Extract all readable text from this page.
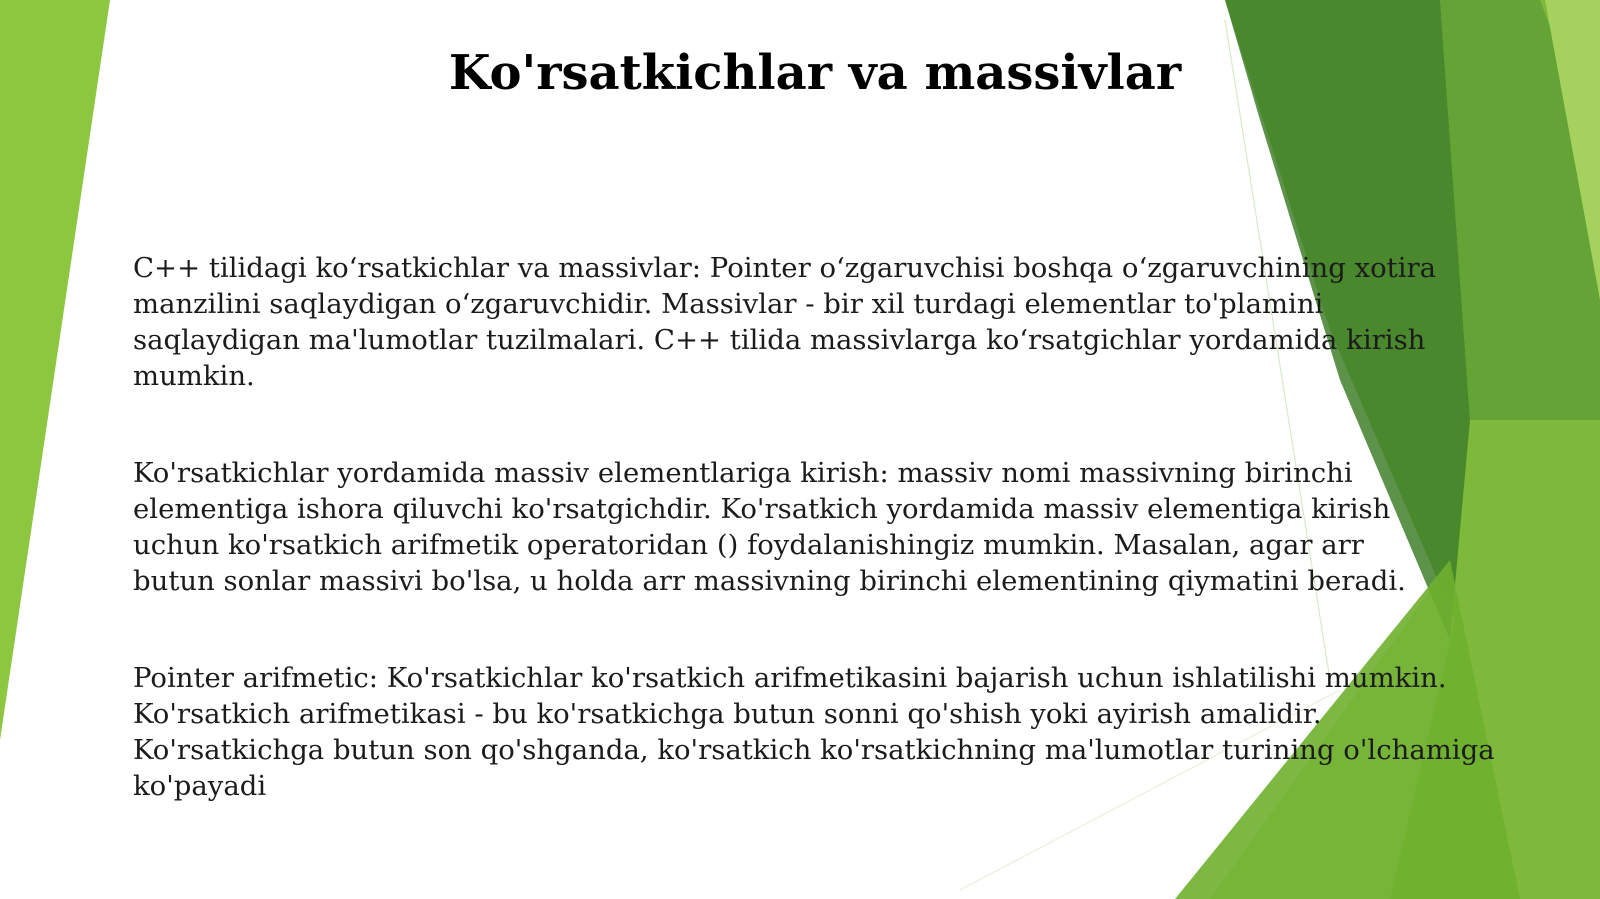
Ko'rsatkichlar va massivlar

C++ tilidagi ko‘rsatkichlar va massivlar: Pointer o‘zgaruvchisi boshqa o‘zgaruvchining xotira
manzilini saqlaydigan o‘zgaruvchidir. Massivlar - bir xil turdagi elementlar to'plamini
saqlaydigan ma'lumotlar tuzilmalari. C++ tilida massivlarga ko‘rsatgichlar yordamida kirish
mumkin.

Ko'rsatkichlar yordamida massiv elementlariga kirish: massiv nomi massivning birinchi
elementiga ishora qiluvchi ko'rsatgichdir. Ko'rsatkich yordamida massiv elementiga kirish
uchun ko'rsatkich arifmetik operatoridan () foydalanishingiz mumkin. Masalan, agar arr
butun sonlar massivi bo'lsa, u holda arr massivning birinchi elementining qiymatini beradi.

Pointer arifmetic: Ko'rsatkichlar ko'rsatkich arifmetikasini bajarish uchun ishlatilishi mumkin.
Ko'rsatkich arifmetikasi - bu ko'rsatkichga butun sonni qo'shish yoki ayirish amalidir.
Ko'rsatkichga butun son qo'shganda, ko'rsatkich ko'rsatkichning ma'lumotlar turining o'lchamiga
ko'payadi
